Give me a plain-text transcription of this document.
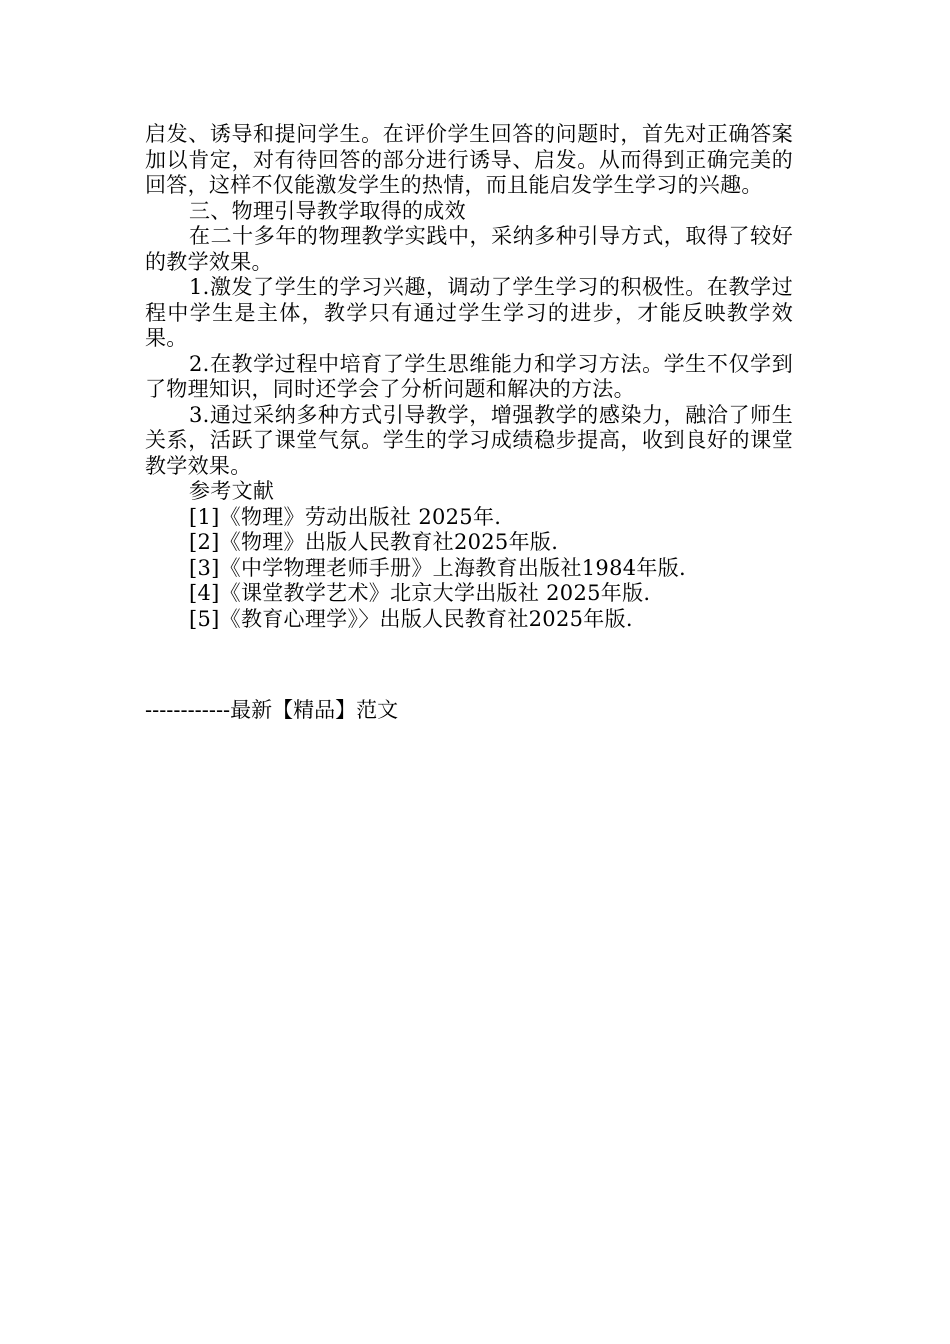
启发、诱导和提问学生。在评价学生回答的问题时，首先对正确答案加以肯定，对有待回答的部分进行诱导、启发。从而得到正确完美的回答，这样不仅能激发学生的热情，而且能启发学生学习的兴趣。

三、物理引导教学取得的成效

在二十多年的物理教学实践中，采纳多种引导方式，取得了较好的教学效果。

1.激发了学生的学习兴趣，调动了学生学习的积极性。在教学过程中学生是主体，教学只有通过学生学习的进步，才能反映教学效果。

2.在教学过程中培育了学生思维能力和学习方法。学生不仅学到了物理知识，同时还学会了分析问题和解决的方法。

3.通过采纳多种方式引导教学，增强教学的感染力，融洽了师生关系，活跃了课堂气氛。学生的学习成绩稳步提高，收到良好的课堂教学效果。

参考文献

[1]《物理》劳动出版社 2025年.

[2]《物理》出版人民教育社2025年版.

[3]《中学物理老师手册》上海教育出版社1984年版.

[4]《课堂教学艺术》北京大学出版社 2025年版.

[5]《教育心理学》〉出版人民教育社2025年版.

------------最新【精品】范文
